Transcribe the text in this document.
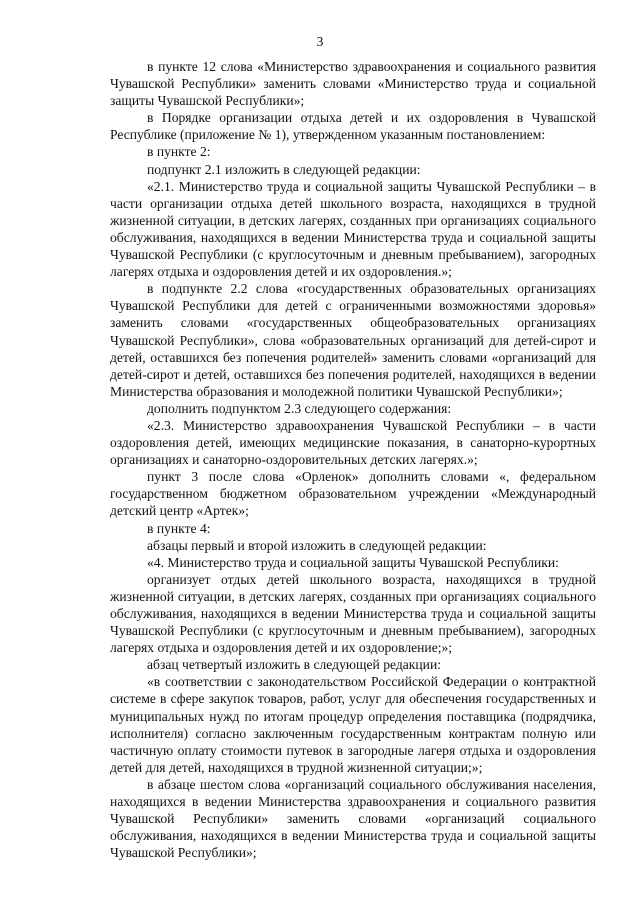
3

в пункте 12 слова «Министерство здравоохранения и социального развития Чувашской Республики» заменить словами «Министерство труда и социальной защиты Чувашской Республики»;

в Порядке организации отдыха детей и их оздоровления в Чувашской Республике (приложение № 1), утвержденном указанным постановлением:

в пункте 2:

подпункт 2.1 изложить в следующей редакции:

«2.1. Министерство труда и социальной защиты Чувашской Республики – в части организации отдыха детей школьного возраста, находящихся в трудной жизненной ситуации, в детских лагерях, созданных при организациях социального обслуживания, находящихся в ведении Министерства труда и социальной защиты Чувашской Республики (с круглосуточным и дневным пребыванием), загородных лагерях отдыха и оздоровления детей и их оздоровления.»;

в подпункте 2.2 слова «государственных образовательных организациях Чувашской Республики для детей с ограниченными возможностями здоровья» заменить словами «государственных общеобразовательных организациях Чувашской Республики», слова «образовательных организаций для детей-сирот и детей, оставшихся без попечения родителей» заменить словами «организаций для детей-сирот и детей, оставшихся без попечения родителей, находящихся в ведении Министерства образования и молодежной политики Чувашской Республики»;

дополнить подпунктом 2.3 следующего содержания:

«2.3. Министерство здравоохранения Чувашской Республики – в части оздоровления детей, имеющих медицинские показания, в санаторно-курортных организациях и санаторно-оздоровительных детских лагерях.»;

пункт 3 после слова «Орленок» дополнить словами «, федеральном государственном бюджетном образовательном учреждении «Международный детский центр «Артек»;

в пункте 4:

абзацы первый и второй изложить в следующей редакции:

«4. Министерство труда и социальной защиты Чувашской Республики:

организует отдых детей школьного возраста, находящихся в трудной жизненной ситуации, в детских лагерях, созданных при организациях социального обслуживания, находящихся в ведении Министерства труда и социальной защиты Чувашской Республики (с круглосуточным и дневным пребыванием), загородных лагерях отдыха и оздоровления детей и их оздоровление;»;

абзац четвертый изложить в следующей редакции:

«в соответствии с законодательством Российской Федерации о контрактной системе в сфере закупок товаров, работ, услуг для обеспечения государственных и муниципальных нужд по итогам процедур определения поставщика (подрядчика, исполнителя) согласно заключенным государственным контрактам полную или частичную оплату стоимости путевок в загородные лагеря отдыха и оздоровления детей для детей, находящихся в трудной жизненной ситуации;»;

в абзаце шестом слова «организаций социального обслуживания населения, находящихся в ведении Министерства здравоохранения и социального развития Чувашской Республики» заменить словами «организаций социального обслуживания, находящихся в ведении Министерства труда и социальной защиты Чувашской Республики»;
